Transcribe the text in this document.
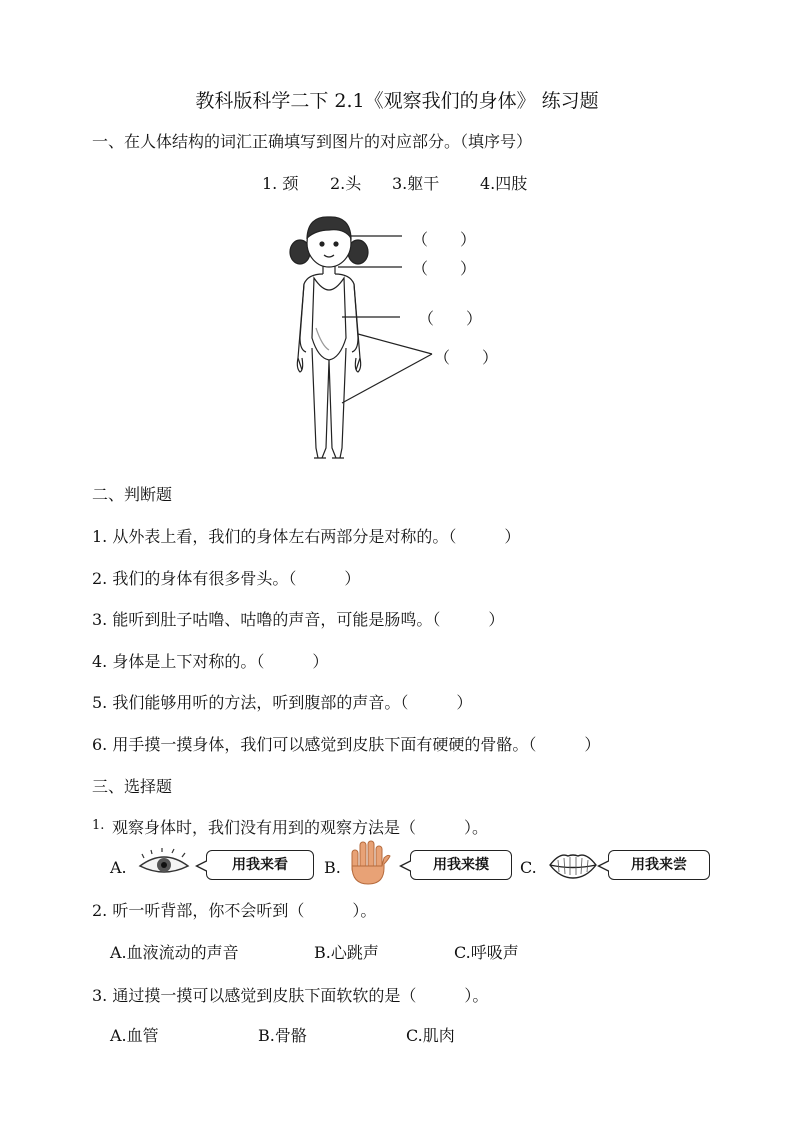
教科版科学二下 2.1《观察我们的身体》 练习题
一、在人体结构的词汇正确填写到图片的对应部分。（填序号）
1. 颈 2.头 3.躯干	4.四肢
（　　）
（　　）
（　　）
（　　）
二、判断题
1. 从外表上看，我们的身体左右两部分是对称的。（　　　）
2. 我们的身体有很多骨头。（　　　）
3. 能听到肚子咕噜、咕噜的声音，可能是肠鸣。（　　　）
4. 身体是上下对称的。（　　　）
5. 我们能够用听的方法，听到腹部的声音。（　　　）
6. 用手摸一摸身体，我们可以感觉到皮肤下面有硬硬的骨骼。（　　　）
三、选择题
1. 观察身体时，我们没有用到的观察方法是（　　　）。
A.	用我来看	B.	用我来摸	C.	用我来尝
2. 听一听背部，你不会听到（　　　）。
A.血液流动的声音	B.心跳声	C.呼吸声
3. 通过摸一摸可以感觉到皮肤下面软软的是（　　　）。
A.血管	B.骨骼	C.肌肉
